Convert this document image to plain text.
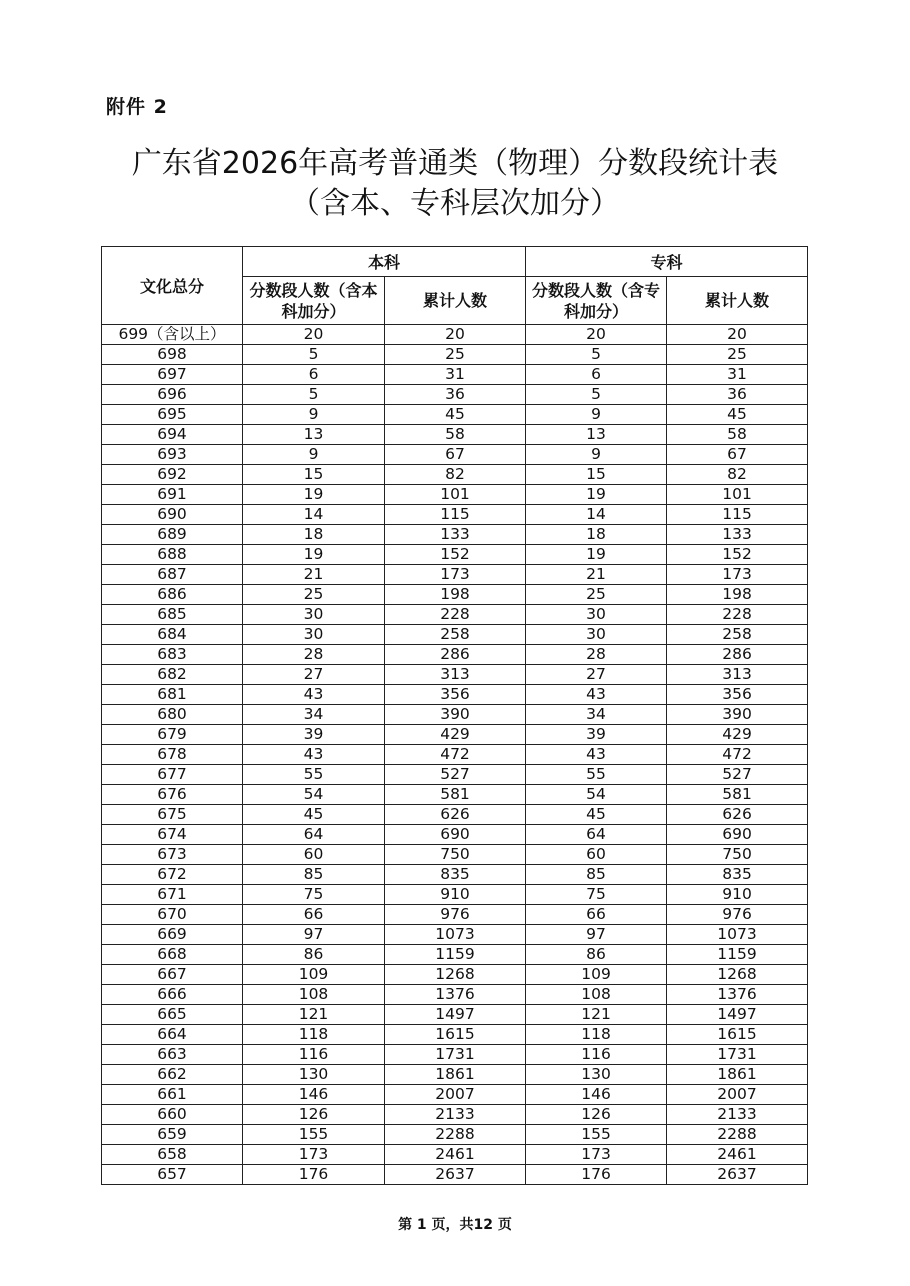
附件 2
广东省2026年高考普通类（物理）分数段统计表
（含本、专科层次加分）
文化总分	本科		专科	
	分数段人数（含本科加分）	累计人数	分数段人数（含专科加分）	累计人数
699（含以上）	20	20	20	20
698	5	25	5	25
697	6	31	6	31
696	5	36	5	36
695	9	45	9	45
694	13	58	13	58
693	9	67	9	67
692	15	82	15	82
691	19	101	19	101
690	14	115	14	115
689	18	133	18	133
688	19	152	19	152
687	21	173	21	173
686	25	198	25	198
685	30	228	30	228
684	30	258	30	258
683	28	286	28	286
682	27	313	27	313
681	43	356	43	356
680	34	390	34	390
679	39	429	39	429
678	43	472	43	472
677	55	527	55	527
676	54	581	54	581
675	45	626	45	626
674	64	690	64	690
673	60	750	60	750
672	85	835	85	835
671	75	910	75	910
670	66	976	66	976
669	97	1073	97	1073
668	86	1159	86	1159
667	109	1268	109	1268
666	108	1376	108	1376
665	121	1497	121	1497
664	118	1615	118	1615
663	116	1731	116	1731
662	130	1861	130	1861
661	146	2007	146	2007
660	126	2133	126	2133
659	155	2288	155	2288
658	173	2461	173	2461
657	176	2637	176	2637
第 1 页，共12 页
